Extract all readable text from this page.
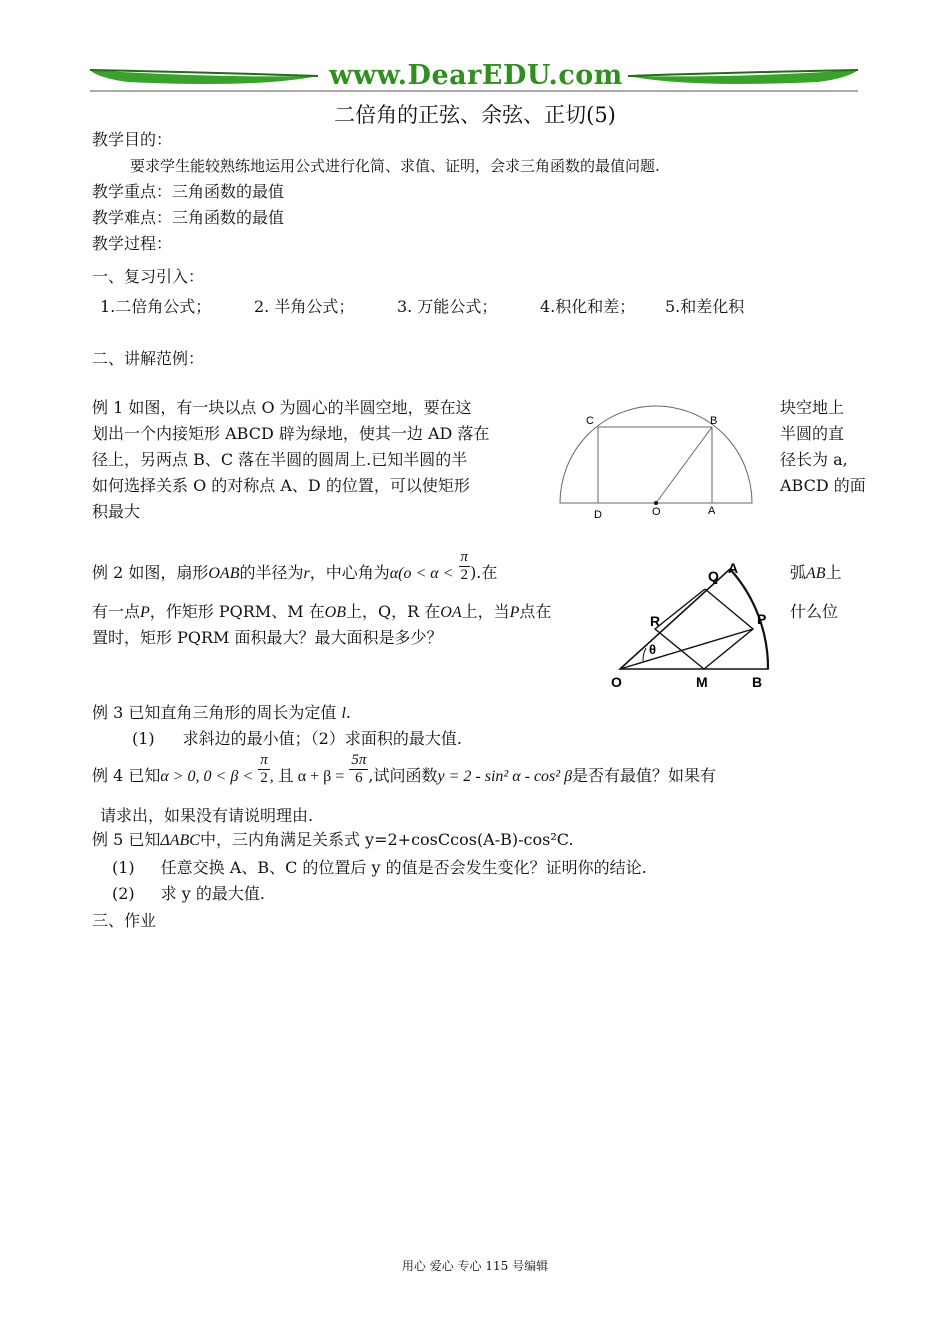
www.DearEDU.com
二倍角的正弦、余弦、正切(5)
教学目的：
要求学生能较熟练地运用公式进行化简、求值、证明，会求三角函数的最值问题.
教学重点：三角函数的最值
教学难点：三角函数的最值
教学过程：
一、复习引入：
1.二倍角公式；	2. 半角公式；	3. 万能公式；	4.积化和差； 5.和差化积
二、讲解范例：
例 1 如图，有一块以点 O 为圆心的半圆空地，要在这
划出一个内接矩形 ABCD 辟为绿地，使其一边 AD 落在
径上，另两点 B、C 落在半圆的圆周上.已知半圆的半
如何选择关系 O 的对称点 A、D 的位置，可以使矩形
积最大
块空地上
半圆的直
径长为 a,
ABCD 的面
C	B
D	O	A
例 2 如图，扇形OAB的半径为r，中心角为$\alpha(o < \alpha < \frac{\pi}{2}$ ).在	弧AB上
有一点P，作矩形 PQRM、M 在OB上，Q，R 在OA上，当P点在	什么位
置时，矩形 PQRM 面积最大？最大面积是多少？
Q A
R	P
θ
O	M	B
例 3 已知直角三角形的周长为定值 l.
(1) 求斜边的最小值；（2）求面积的最大值.
例 4 已知α > 0, $0 < \beta < \frac{\pi}{2}$ , 且 $\alpha + \beta = \frac{5\pi}{6}$ ,试问函数y = 2 - sin² α - cos² β是否有最值？如果有
请求出，如果没有请说明理由.
例 5 已知ΔABC中，三内角满足关系式 y=2+cosCcos(A-B)-cos²C.
(1) 任意交换 A、B、C 的位置后 y 的值是否会发生变化？证明你的结论.
(2) 求 y 的最大值.
三、作业
用心 爱心 专心 115 号编辑
